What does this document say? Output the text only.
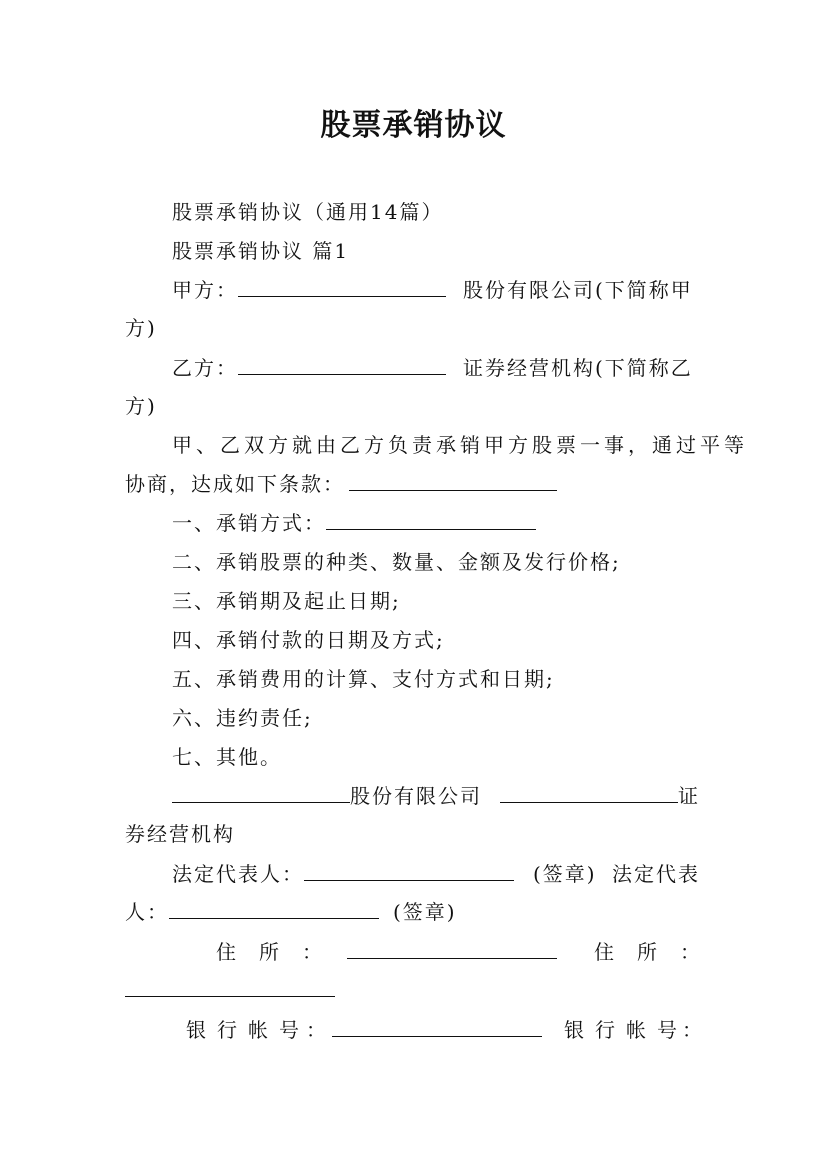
股票承销协议
股票承销协议（通用14篇）
股票承销协议 篇1
甲方：	股份有限公司(下简称甲
方)
乙方：	证券经营机构(下简称乙
方)
甲、乙双方就由乙方负责承销甲方股票一事，通过平等
协商，达成如下条款：
一、承销方式：
二、承销股票的种类、数量、金额及发行价格;
三、承销期及起止日期;
四、承销付款的日期及方式;
五、承销费用的计算、支付方式和日期;
六、违约责任;
七、其他。
股份有限公司	证
券经营机构
法定代表人：	(签章) 法定代表
人：	(签章)
住 所 ：	住 所 ：
银 行 帐 号 ：	银 行 帐 号 ：
